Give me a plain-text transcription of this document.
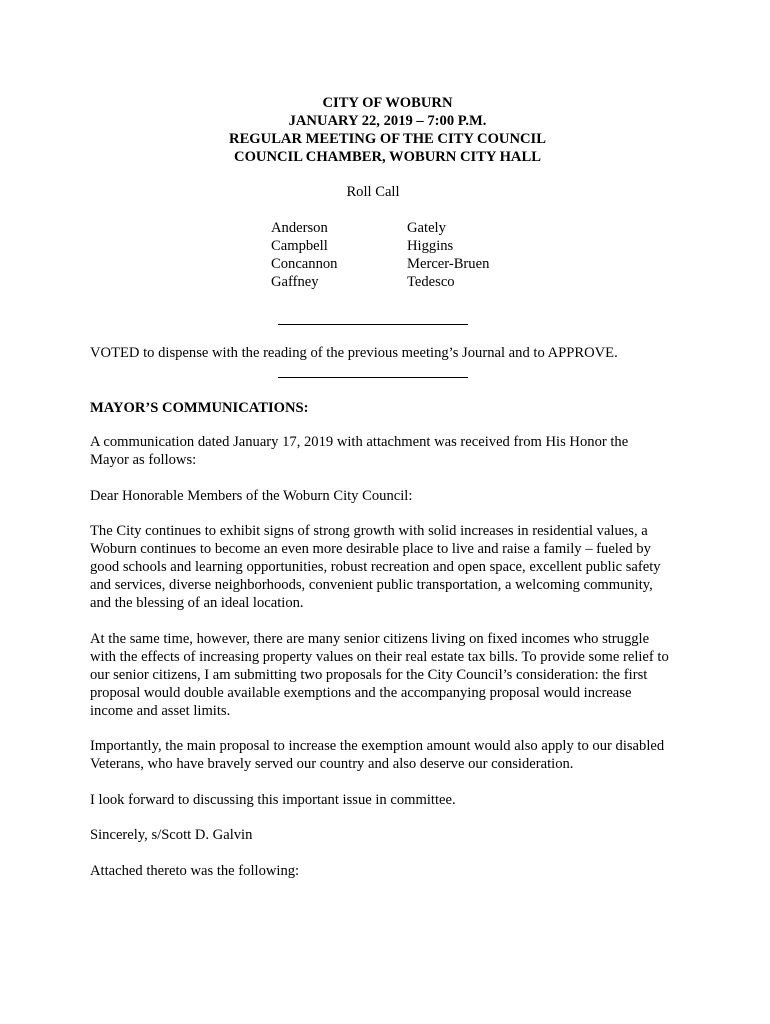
CITY OF WOBURN
JANUARY 22, 2019 – 7:00 P.M.
REGULAR MEETING OF THE CITY COUNCIL
COUNCIL CHAMBER, WOBURN CITY HALL
Roll Call
Anderson
Campbell
Concannon
Gaffney
Gately
Higgins
Mercer-Bruen
Tedesco

VOTED to dispense with the reading of the previous meeting’s Journal and to APPROVE.

MAYOR’S COMMUNICATIONS:

A communication dated January 17, 2019 with attachment was received from His Honor the Mayor as follows:

Dear Honorable Members of the Woburn City Council:

The City continues to exhibit signs of strong growth with solid increases in residential values, a Woburn continues to become an even more desirable place to live and raise a family – fueled by good schools and learning opportunities, robust recreation and open space, excellent public safety and services, diverse neighborhoods, convenient public transportation, a welcoming community, and the blessing of an ideal location.

At the same time, however, there are many senior citizens living on fixed incomes who struggle with the effects of increasing property values on their real estate tax bills. To provide some relief to our senior citizens, I am submitting two proposals for the City Council’s consideration: the first proposal would double available exemptions and the accompanying proposal would increase income and asset limits.

Importantly, the main proposal to increase the exemption amount would also apply to our disabled Veterans, who have bravely served our country and also deserve our consideration.

I look forward to discussing this important issue in committee.

Sincerely, s/Scott D. Galvin

Attached thereto was the following:
